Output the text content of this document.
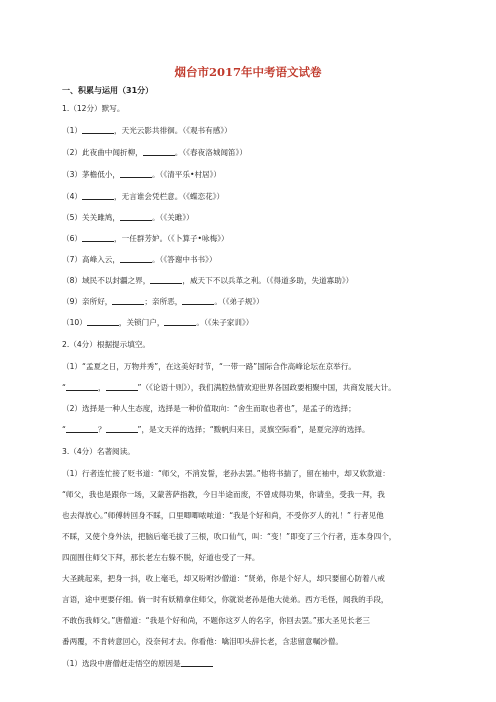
烟台市2017年中考语文试卷
一、积累与运用（31分）
1.（12分）默写。
（1）	，天光云影共徘徊。（《观书有感》）
（2）此夜曲中闻折柳，	。（《春夜洛城闻笛》）
（3）茅檐低小，	。（《清平乐•村居》）
（4）	，无言谁会凭栏意。（《蝶恋花》）
（5）关关雎鸠，	。（《关雎》）
（6）	，一任群芳妒。（《卜算子•咏梅》）
（7）高峰入云，	。（《答谢中书书》）
（8）域民不以封疆之界，	，威天下不以兵革之利。（《得道多助，失道寡助》）
（9）亲所好，	；亲所恶，	。（《弟子规》）
（10）	，关锁门户，	。（《朱子家训》）
2.（4分）根据提示填空。
（1）“孟夏之日，万物并秀”，在这美好时节，“一带一路”国际合作高峰论坛在京举行。
“	，	”（《论语十则》），我们满腔热情欢迎世界各国政要相聚中国，共商发展大计。
（2）选择是一种人生态度，选择是一种价值取向：“舍生而取也者也”，是孟子的选择；
“	？	”，是文天祥的选择；“黢帆归来日，灵旗空际看”，是夏完淳的选择。
3.（4分）名著阅读。
（1）行者连忙接了贬书道：“师父，不消发誓，老孙去罢。”他将书揣了，留在袖中，却又软款道：
“师父，我也是跟你一场，又蒙菩萨指教，今日半途而废，不曾成得功果，你请坐，受我一拜，我
也去得放心。”师傅转回身不睬，口里唧唧哝哝道：“我是个好和尚，不受你歹人的礼！” 行者见他
不睬，又使个身外法，把脑后毫毛拔了三根，吹口仙气，叫：“变！”即变了三个行者，连本身四个，
四面围住师父下拜，那长老左右躲不脱，好道也受了一拜。
大圣跳起来，把身一抖，收上毫毛，却又吩咐沙僧道：“贤弟，你是个好人，却只要留心防着八戒
言语，途中更要仔细。倘一时有妖精拿住师父，你就说老孙是他大徒弟。西方毛怪，闻我的手段，
不敢伤我师父。”唐僧道：“我是个好和尚，不题你这歹人的名字，你回去罢。”那大圣见长老三
番两覆，不肯转意回心，没奈何才去。你看他：噙泪叩头辞长老，含悲留意嘱沙僧。
（1）选段中唐僧赶走悟空的原因是
